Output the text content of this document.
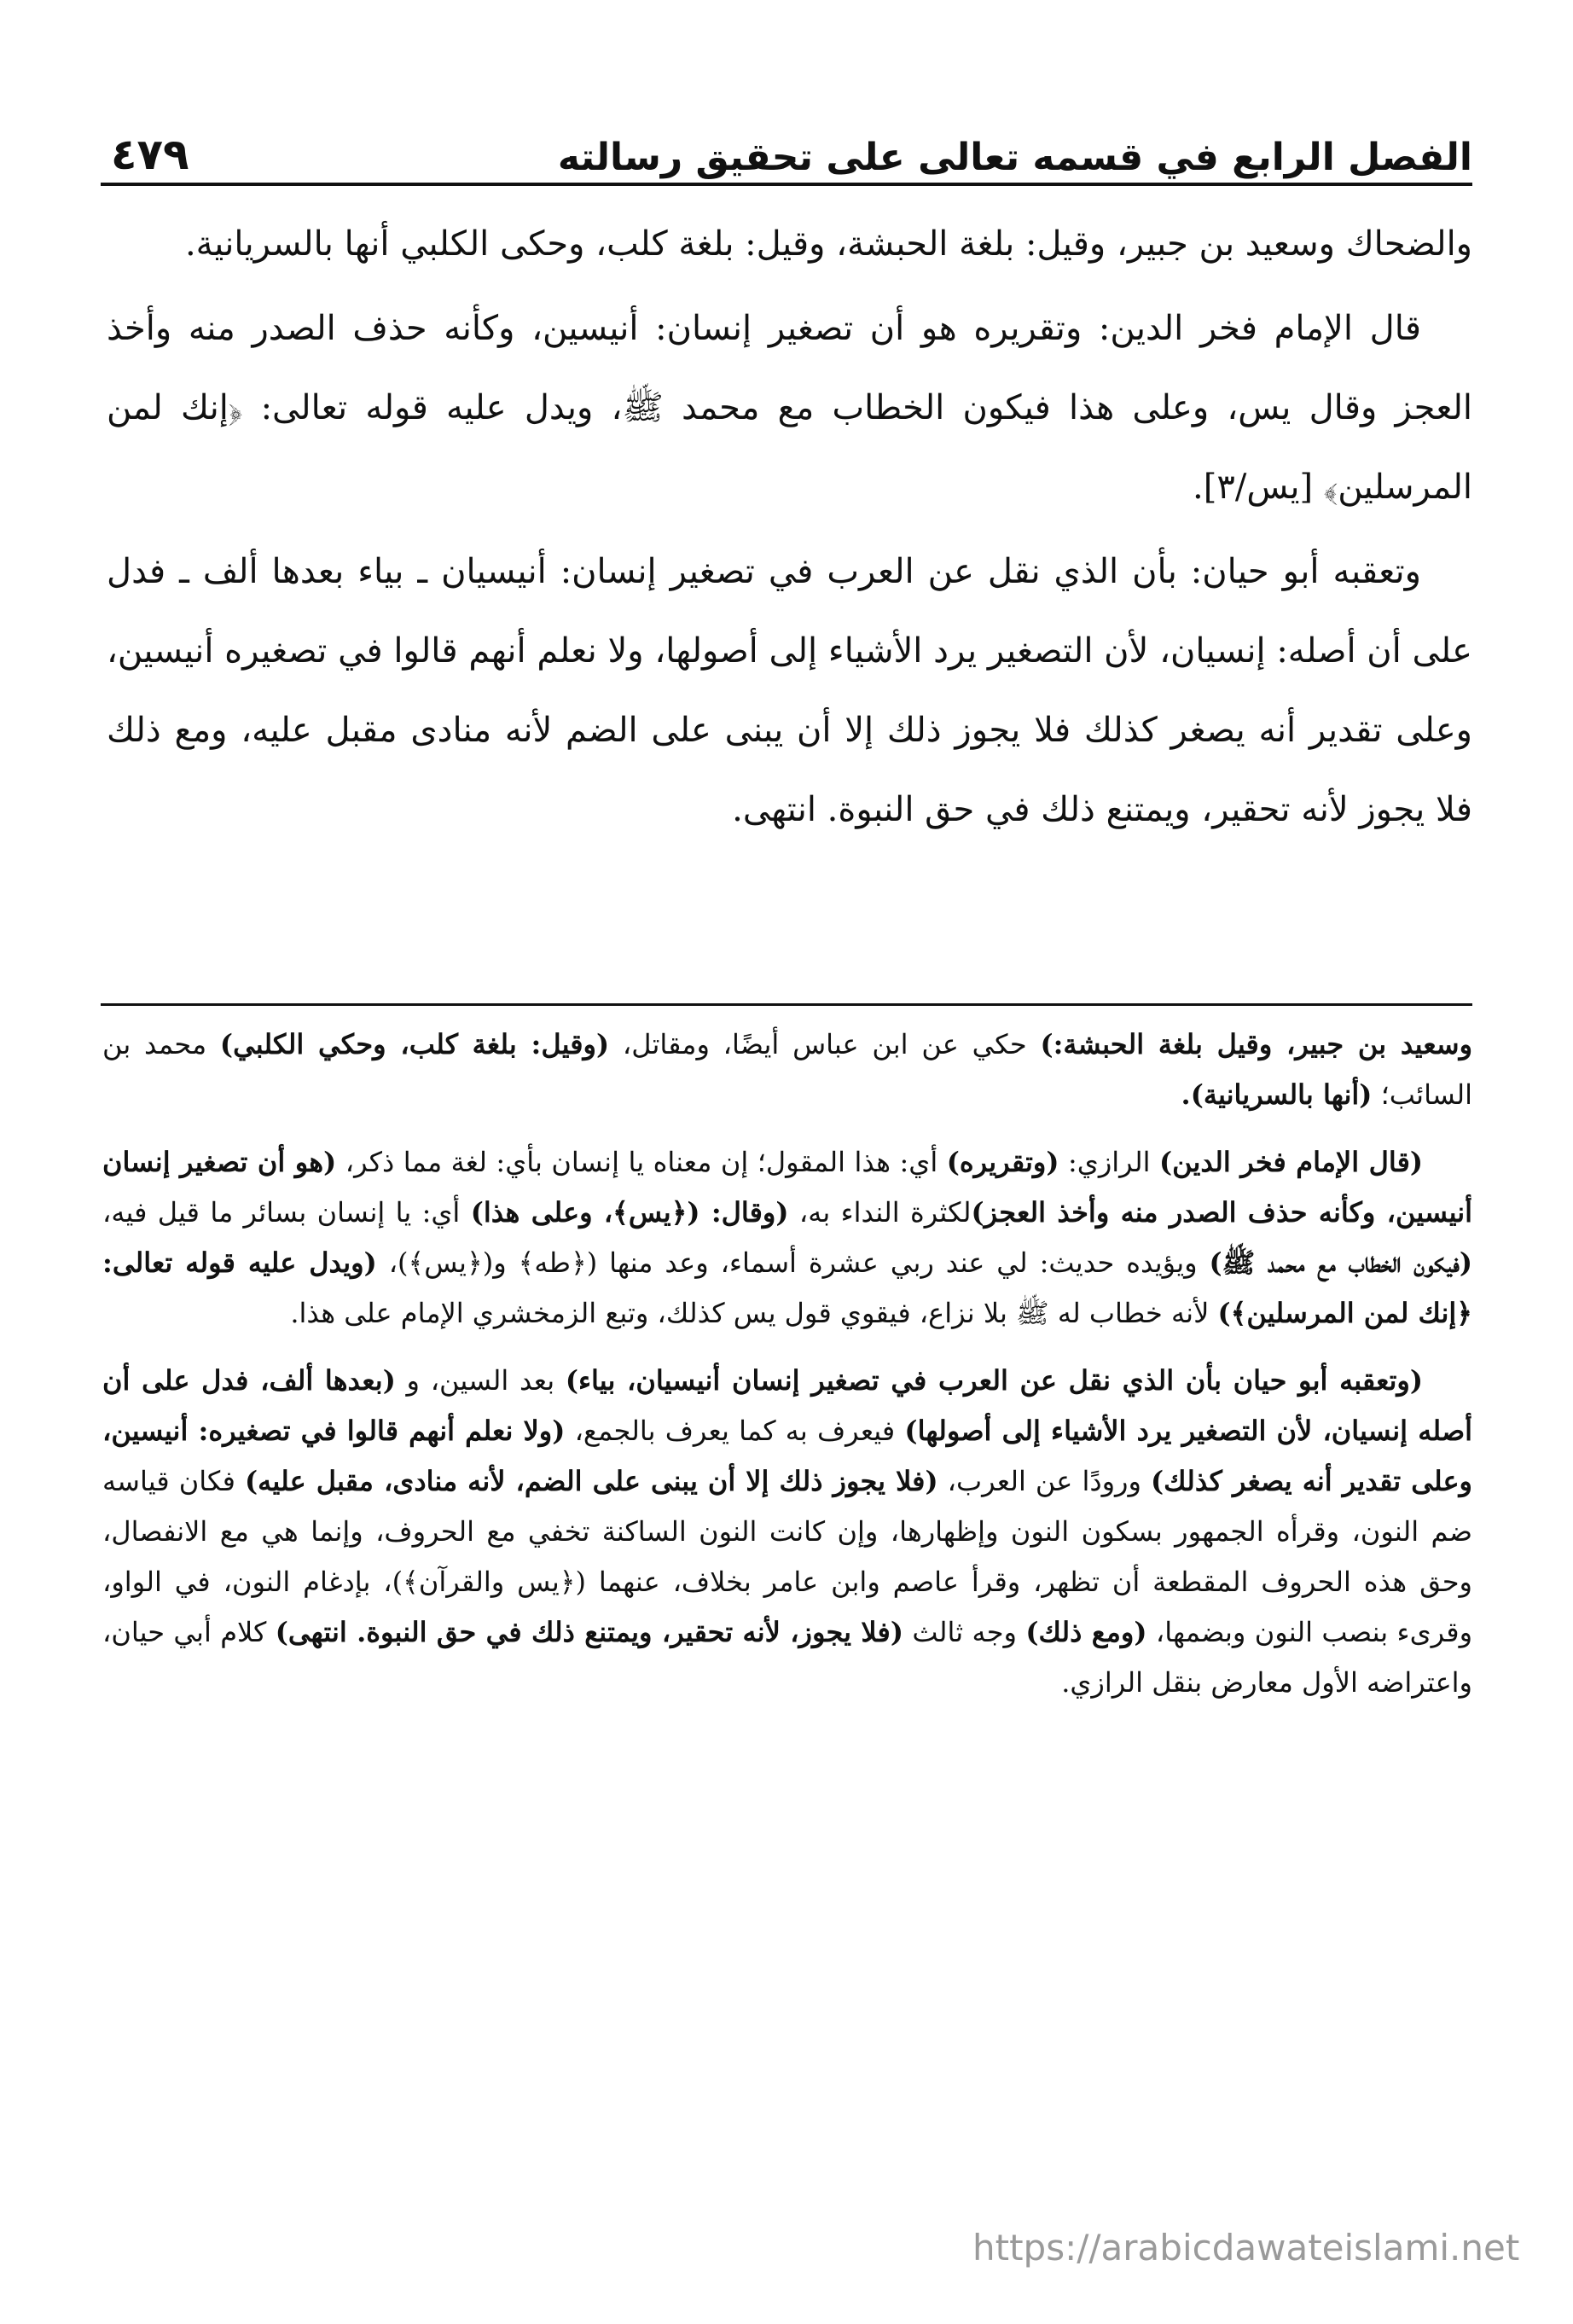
الفصل الرابع في قسمه تعالى على تحقيق رسالته
٤٧٩

والضحاك وسعيد بن جبير، وقيل: بلغة الحبشة، وقيل: بلغة كلب، وحكى الكلبي أنها بالسريانية.

قال الإمام فخر الدين: وتقريره هو أن تصغير إنسان: أنيسين، وكأنه حذف الصدر منه وأخذ العجز وقال يس، وعلى هذا فيكون الخطاب مع محمد ﷺ، ويدل عليه قوله تعالى: ﴿إنك لمن المرسلين﴾ [يس/٣].

وتعقبه أبو حيان: بأن الذي نقل عن العرب في تصغير إنسان: أنيسيان ـ بياء بعدها ألف ـ فدل على أن أصله: إنسيان، لأن التصغير يرد الأشياء إلى أصولها، ولا نعلم أنهم قالوا في تصغيره أنيسين، وعلى تقدير أنه يصغر كذلك فلا يجوز ذلك إلا أن يبنى على الضم لأنه منادى مقبل عليه، ومع ذلك فلا يجوز لأنه تحقير، ويمتنع ذلك في حق النبوة. انتهى.

وسعيد بن جبير، وقيل بلغة الحبشة:) حكي عن ابن عباس أيضًا، ومقاتل، (وقيل: بلغة كلب، وحكي الكلبي) محمد بن السائب؛ (أنها بالسريانية).

(قال الإمام فخر الدين) الرازي: (وتقريره) أي: هذا المقول؛ إن معناه يا إنسان بأي: لغة مما ذكر، (هو أن تصغير إنسان أنيسين، وكأنه حذف الصدر منه وأخذ العجز)لكثرة النداء به، (وقال: (﴿يس﴾، وعلى هذا) أي: يا إنسان بسائر ما قيل فيه، (فيكون الخطاب مع محمد ﷺ) ويؤيده حديث: لي عند ربي عشرة أسماء، وعد منها (﴿طه﴾ و(﴿يس﴾)، (ويدل عليه قوله تعالى: ﴿إنك لمن المرسلين﴾) لأنه خطاب له ﷺ بلا نزاع، فيقوي قول يس كذلك، وتبع الزمخشري الإمام على هذا.

(وتعقبه أبو حيان بأن الذي نقل عن العرب في تصغير إنسان أنيسيان، بياء) بعد السين، و (بعدها ألف، فدل على أن أصله إنسيان، لأن التصغير يرد الأشياء إلى أصولها) فيعرف به كما يعرف بالجمع، (ولا نعلم أنهم قالوا في تصغيره: أنيسين، وعلى تقدير أنه يصغر كذلك) ورودًا عن العرب، (فلا يجوز ذلك إلا أن يبنى على الضم، لأنه منادى، مقبل عليه) فكان قياسه ضم النون، وقرأه الجمهور بسكون النون وإظهارها، وإن كانت النون الساكنة تخفي مع الحروف، وإنما هي مع الانفصال، وحق هذه الحروف المقطعة أن تظهر، وقرأ عاصم وابن عامر بخلاف، عنهما (﴿يس والقرآن﴾)، بإدغام النون، في الواو، وقرىء بنصب النون وبضمها، (ومع ذلك) وجه ثالث (فلا يجوز، لأنه تحقير، ويمتنع ذلك في حق النبوة. انتهى) كلام أبي حيان، واعتراضه الأول معارض بنقل الرازي.

https://arabicdawateislami.net
